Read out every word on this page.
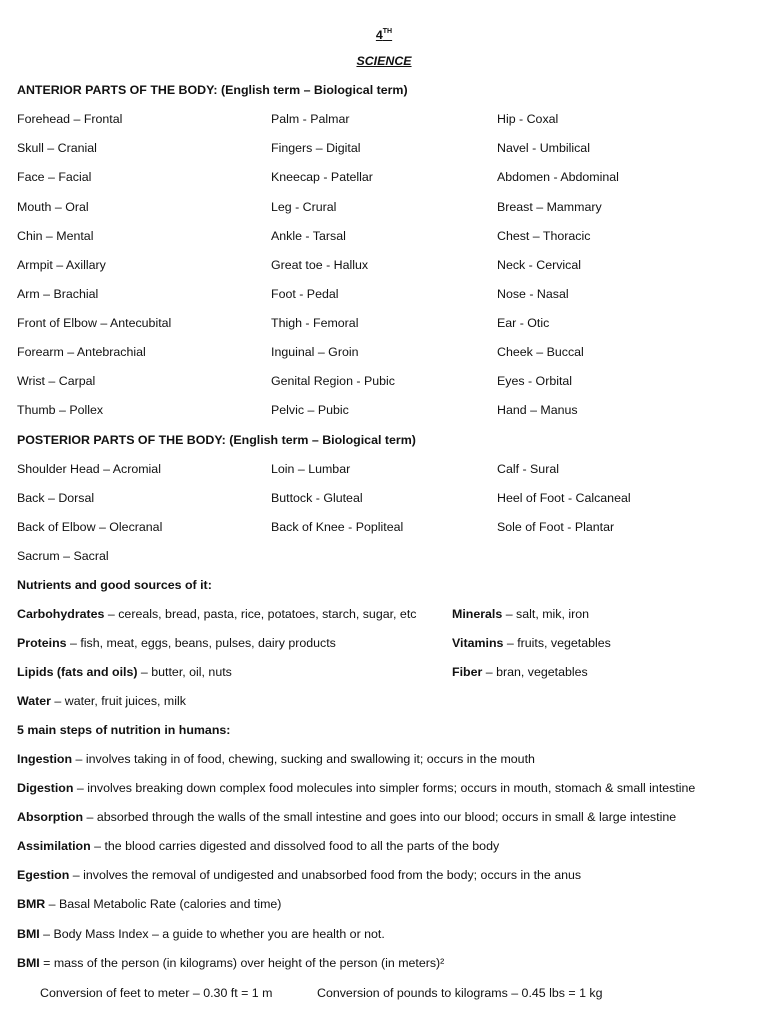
4TH
SCIENCE
ANTERIOR PARTS OF THE BODY: (English term – Biological term)
Forehead – Frontal	Palm - Palmar	Hip - Coxal
Skull – Cranial	Fingers – Digital	Navel - Umbilical
Face – Facial	Kneecap - Patellar	Abdomen - Abdominal
Mouth – Oral	Leg - Crural	Breast – Mammary
Chin – Mental	Ankle - Tarsal	Chest – Thoracic
Armpit – Axillary	Great toe - Hallux	Neck - Cervical
Arm – Brachial	Foot - Pedal	Nose - Nasal
Front of Elbow – Antecubital	Thigh - Femoral	Ear - Otic
Forearm – Antebrachial	Inguinal – Groin	Cheek – Buccal
Wrist – Carpal	Genital Region - Pubic	Eyes - Orbital
Thumb – Pollex	Pelvic – Pubic	Hand – Manus
POSTERIOR PARTS OF THE BODY: (English term – Biological term)
Shoulder Head – Acromial	Loin – Lumbar	Calf - Sural
Back – Dorsal	Buttock - Gluteal	Heel of Foot - Calcaneal
Back of Elbow – Olecranal	Back of Knee - Popliteal	Sole of Foot - Plantar
Sacrum – Sacral
Nutrients and good sources of it:
Carbohydrates – cereals, bread, pasta, rice, potatoes, starch, sugar, etc	Minerals – salt, mik, iron
Proteins – fish, meat, eggs, beans, pulses, dairy products	Vitamins – fruits, vegetables
Lipids (fats and oils) – butter, oil, nuts	Fiber – bran, vegetables
Water – water, fruit juices, milk
5 main steps of nutrition in humans:
Ingestion – involves taking in of food, chewing, sucking and swallowing it; occurs in the mouth
Digestion – involves breaking down complex food molecules into simpler forms; occurs in mouth, stomach & small intestine
Absorption – absorbed through the walls of the small intestine and goes into our blood; occurs in small & large intestine
Assimilation – the blood carries digested and dissolved food to all the parts of the body
Egestion – involves the removal of undigested and unabsorbed food from the body; occurs in the anus
BMR – Basal Metabolic Rate (calories and time)
BMI – Body Mass Index – a guide to whether you are health or not.
BMI = mass of the person (in kilograms) over height of the person (in meters)²
Conversion of feet to meter – 0.30 ft = 1 m	Conversion of pounds to kilograms – 0.45 lbs = 1 kg
